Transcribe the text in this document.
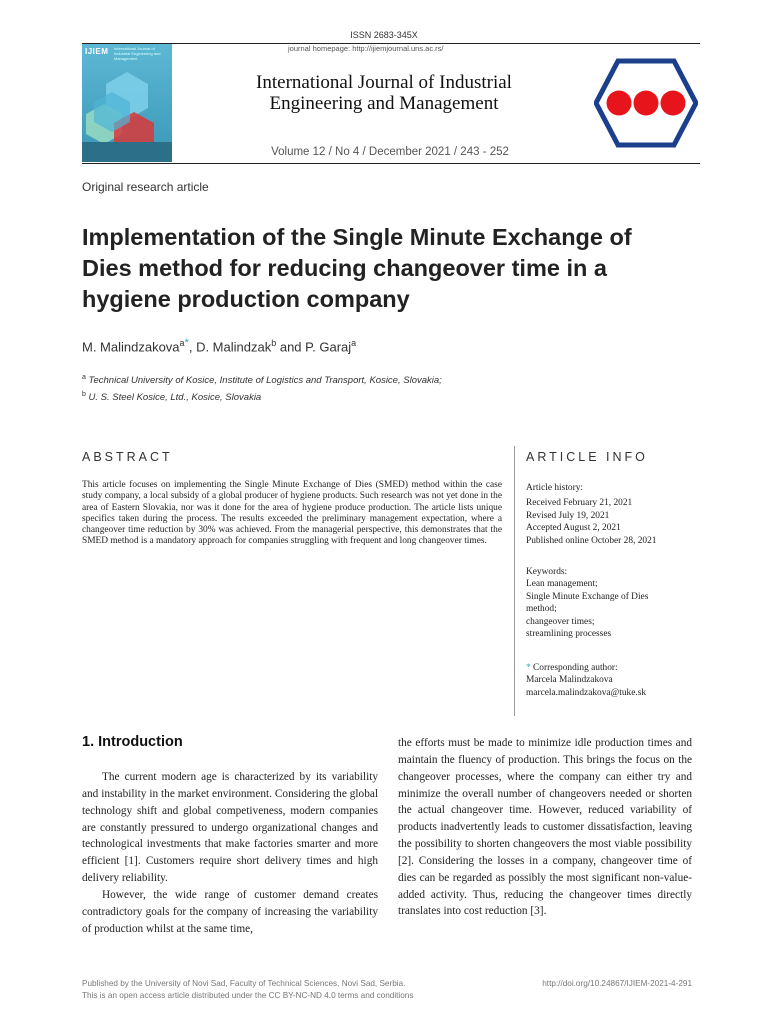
ISSN 2683-345X
journal homepage: http://ijiemjournal.uns.ac.rs/
IJIEM International Journal of Industrial Engineering and Management
International Journal of Industrial
Engineering and Management
Volume 12 / No 4 / December 2021 / 243 - 252
Original research article
Implementation of the Single Minute Exchange of
Dies method for reducing changeover time in a
hygiene production company
M. Malindzakova$^{a*}$, D. Malindzak$^b$ and P. Garaj$^a$
$^a$ Technical University of Kosice, Institute of Logistics and Transport, Kosice, Slovakia;
$^b$ U. S. Steel Kosice, Ltd., Kosice, Slovakia
ABSTRACT
This article focuses on implementing the Single Minute Exchange of Dies (SMED) method within the case study company, a local subsidy of a global producer of hygiene products. Such research was not yet done in the area of Eastern Slovakia, nor was it done for the area of hygiene produce production. The article lists unique specifics taken during the process. The results exceeded the preliminary management expectation, where a changeover time reduction by 30% was achieved. From the managerial perspective, this demonstrates that the SMED method is a mandatory approach for companies struggling with frequent and long changeover times.
ARTICLE INFO
Article history:
Received February 21, 2021
Revised July 19, 2021
Accepted August 2, 2021
Published online October 28, 2021
Keywords:
Lean management;
Single Minute Exchange of Dies
method;
changeover times;
streamlining processes
* Corresponding author:
Marcela Malindzakova
marcela.malindzakova@tuke.sk
1. Introduction

The current modern age is characterized by its variability and instability in the market environment. Considering the global technology shift and global competiveness, modern companies are constantly pressured to undergo organizational changes and technological investments that make factories smarter and more efficient [1]. Customers require short delivery times and high delivery reliability.

However, the wide range of customer demand creates contradictory goals for the company of increasing the variability of production whilst at the same time,

the efforts must be made to minimize idle production times and maintain the fluency of production. This brings the focus on the changeover processes, where the company can either try and minimize the overall number of changeovers needed or shorten the actual changeover time. However, reduced variability of products inadvertently leads to customer dissatisfaction, leaving the possibility to shorten changeovers the most viable possibility [2]. Considering the losses in a company, changeover time of dies can be regarded as possibly the most significant non-value-added activity. Thus, reducing the changeover times directly translates into cost reduction [3].

Published by the University of Novi Sad, Faculty of Technical Sciences, Novi Sad, Serbia.
This is an open access article distributed under the CC BY-NC-ND 4.0 terms and conditions
http://doi.org/10.24867/IJIEM-2021-4-291
